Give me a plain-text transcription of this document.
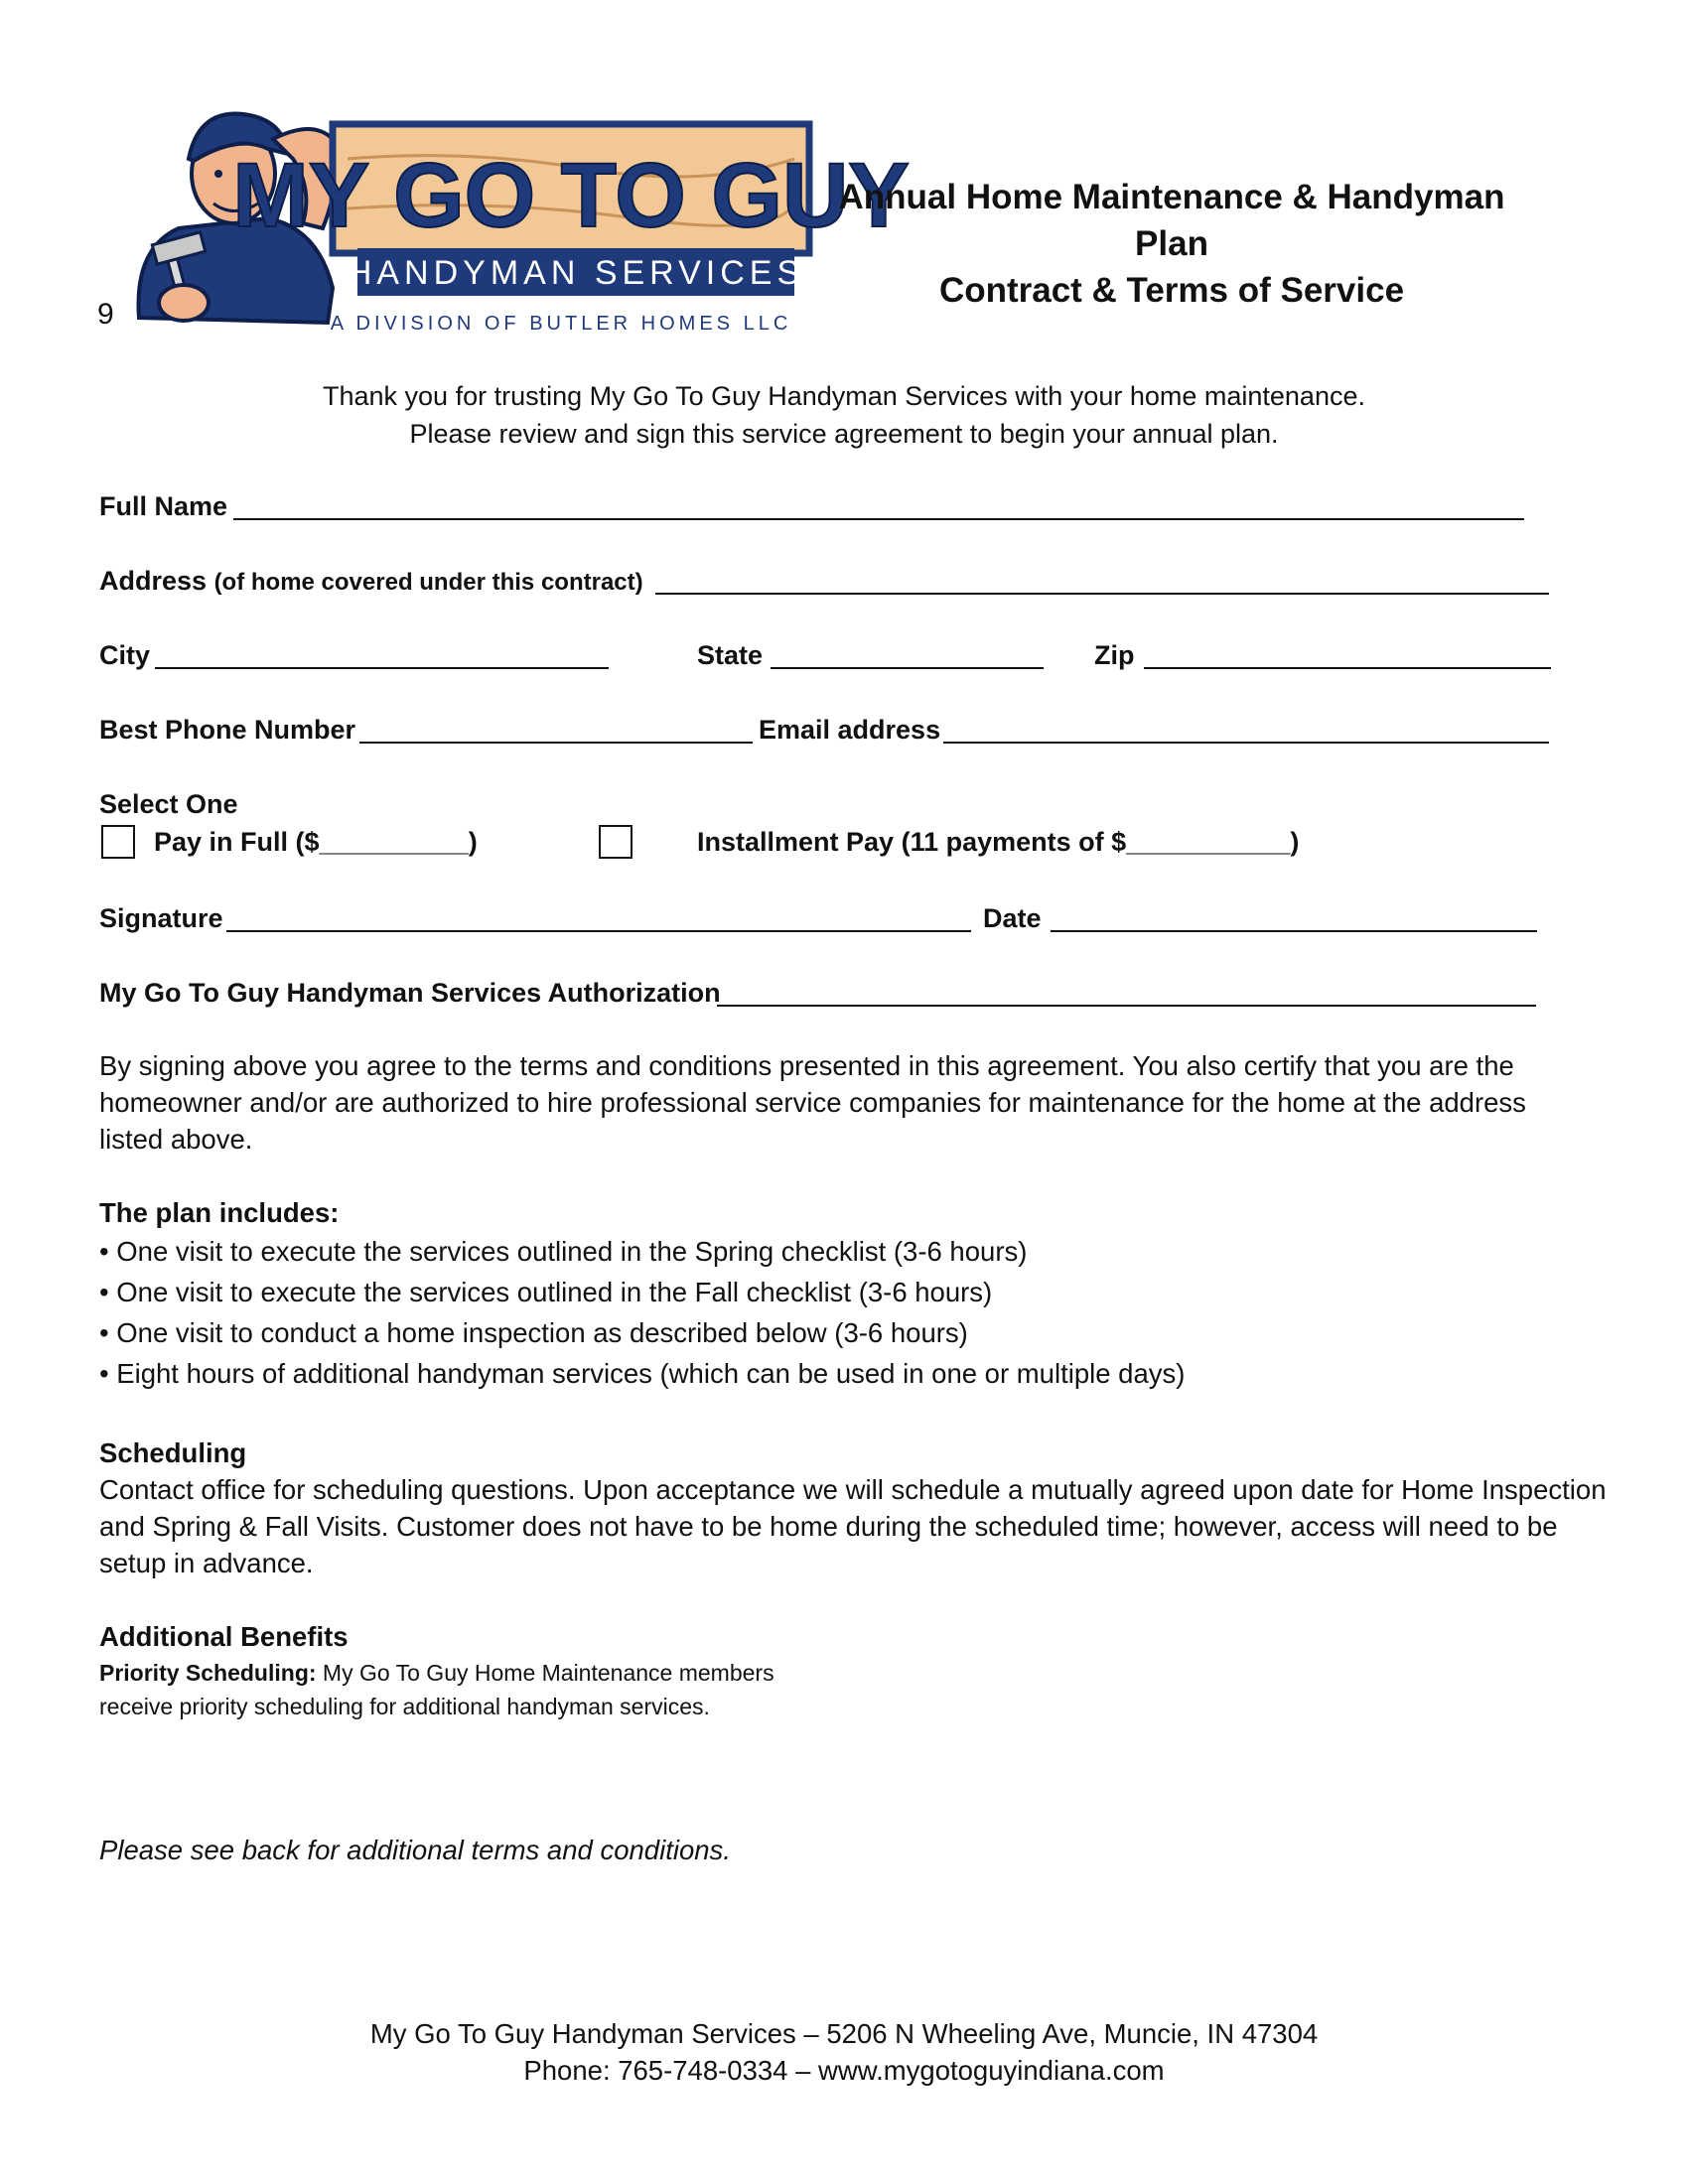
9
MY GO TO GUY
HANDYMAN SERVICES
A DIVISION OF BUTLER HOMES LLC
Annual Home Maintenance & Handyman Plan
Contract & Terms of Service
Thank you for trusting My Go To Guy Handyman Services with your home maintenance.
Please review and sign this service agreement to begin your annual plan.
Full Name
Address (of home covered under this contract)
City	State	Zip
Best Phone Number	Email address
Select One
Pay in Full ($__________)	Installment Pay (11 payments of $___________)
Signature	Date
My Go To Guy Handyman Services Authorization
By signing above you agree to the terms and conditions presented in this agreement. You also certify that you are the homeowner and/or are authorized to hire professional service companies for maintenance for the home at the address listed above.
The plan includes:
• One visit to execute the services outlined in the Spring checklist (3-6 hours)
• One visit to execute the services outlined in the Fall checklist (3-6 hours)
• One visit to conduct a home inspection as described below (3-6 hours)
• Eight hours of additional handyman services (which can be used in one or multiple days)
Scheduling
Contact office for scheduling questions. Upon acceptance we will schedule a mutually agreed upon date for Home Inspection and Spring & Fall Visits. Customer does not have to be home during the scheduled time; however, access will need to be setup in advance.
Additional Benefits
Priority Scheduling: My Go To Guy Home Maintenance members
receive priority scheduling for additional handyman services.
Please see back for additional terms and conditions.
My Go To Guy Handyman Services – 5206 N Wheeling Ave, Muncie, IN 47304
Phone: 765-748-0334 – www.mygotoguyindiana.com
